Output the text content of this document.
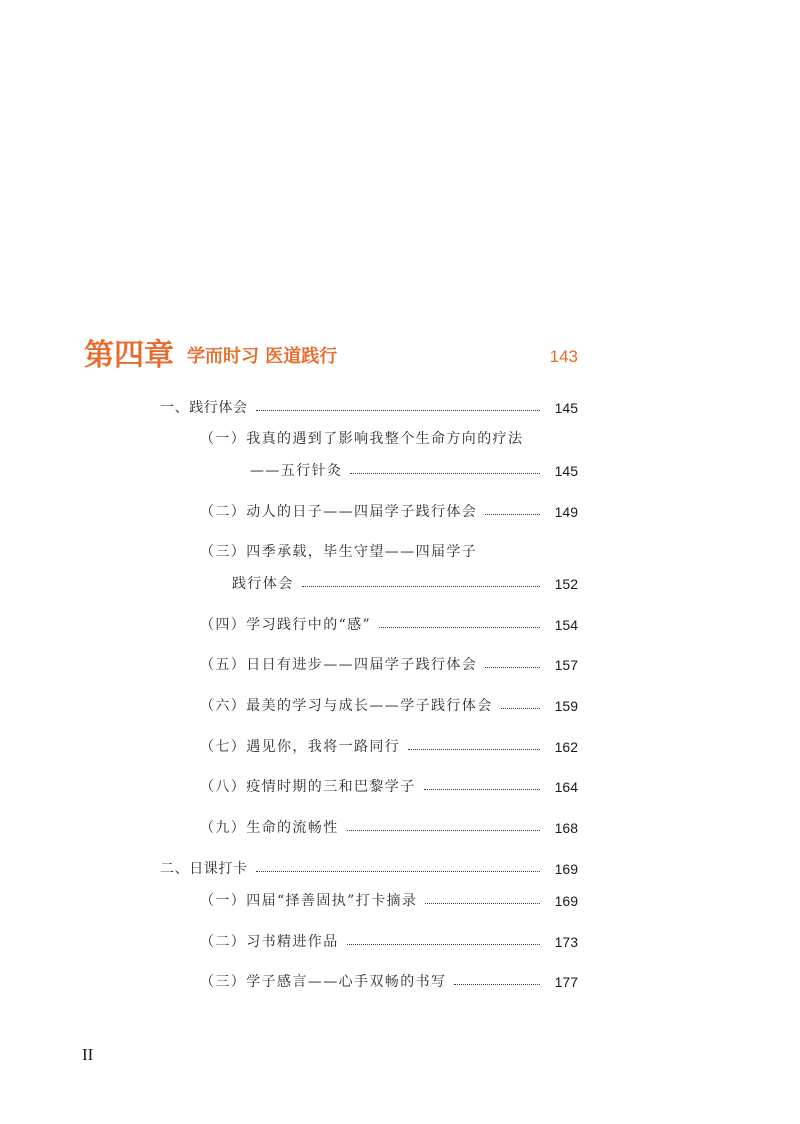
第四章 学而时习 医道践行	143
一、践行体会	145
（一）我真的遇到了影响我整个生命方向的疗法
——五行针灸	145
（二）动人的日子——四届学子践行体会	149
（三）四季承载，毕生守望——四届学子
践行体会	152
（四）学习践行中的“感”	154
（五）日日有进步——四届学子践行体会	157
（六）最美的学习与成长——学子践行体会	159
（七）遇见你，我将一路同行	162
（八）疫情时期的三和巴黎学子	164
（九）生命的流畅性	168
二、日课打卡	169
（一）四届“择善固执”打卡摘录	169
（二）习书精进作品	173
（三）学子感言——心手双畅的书写	177
II
